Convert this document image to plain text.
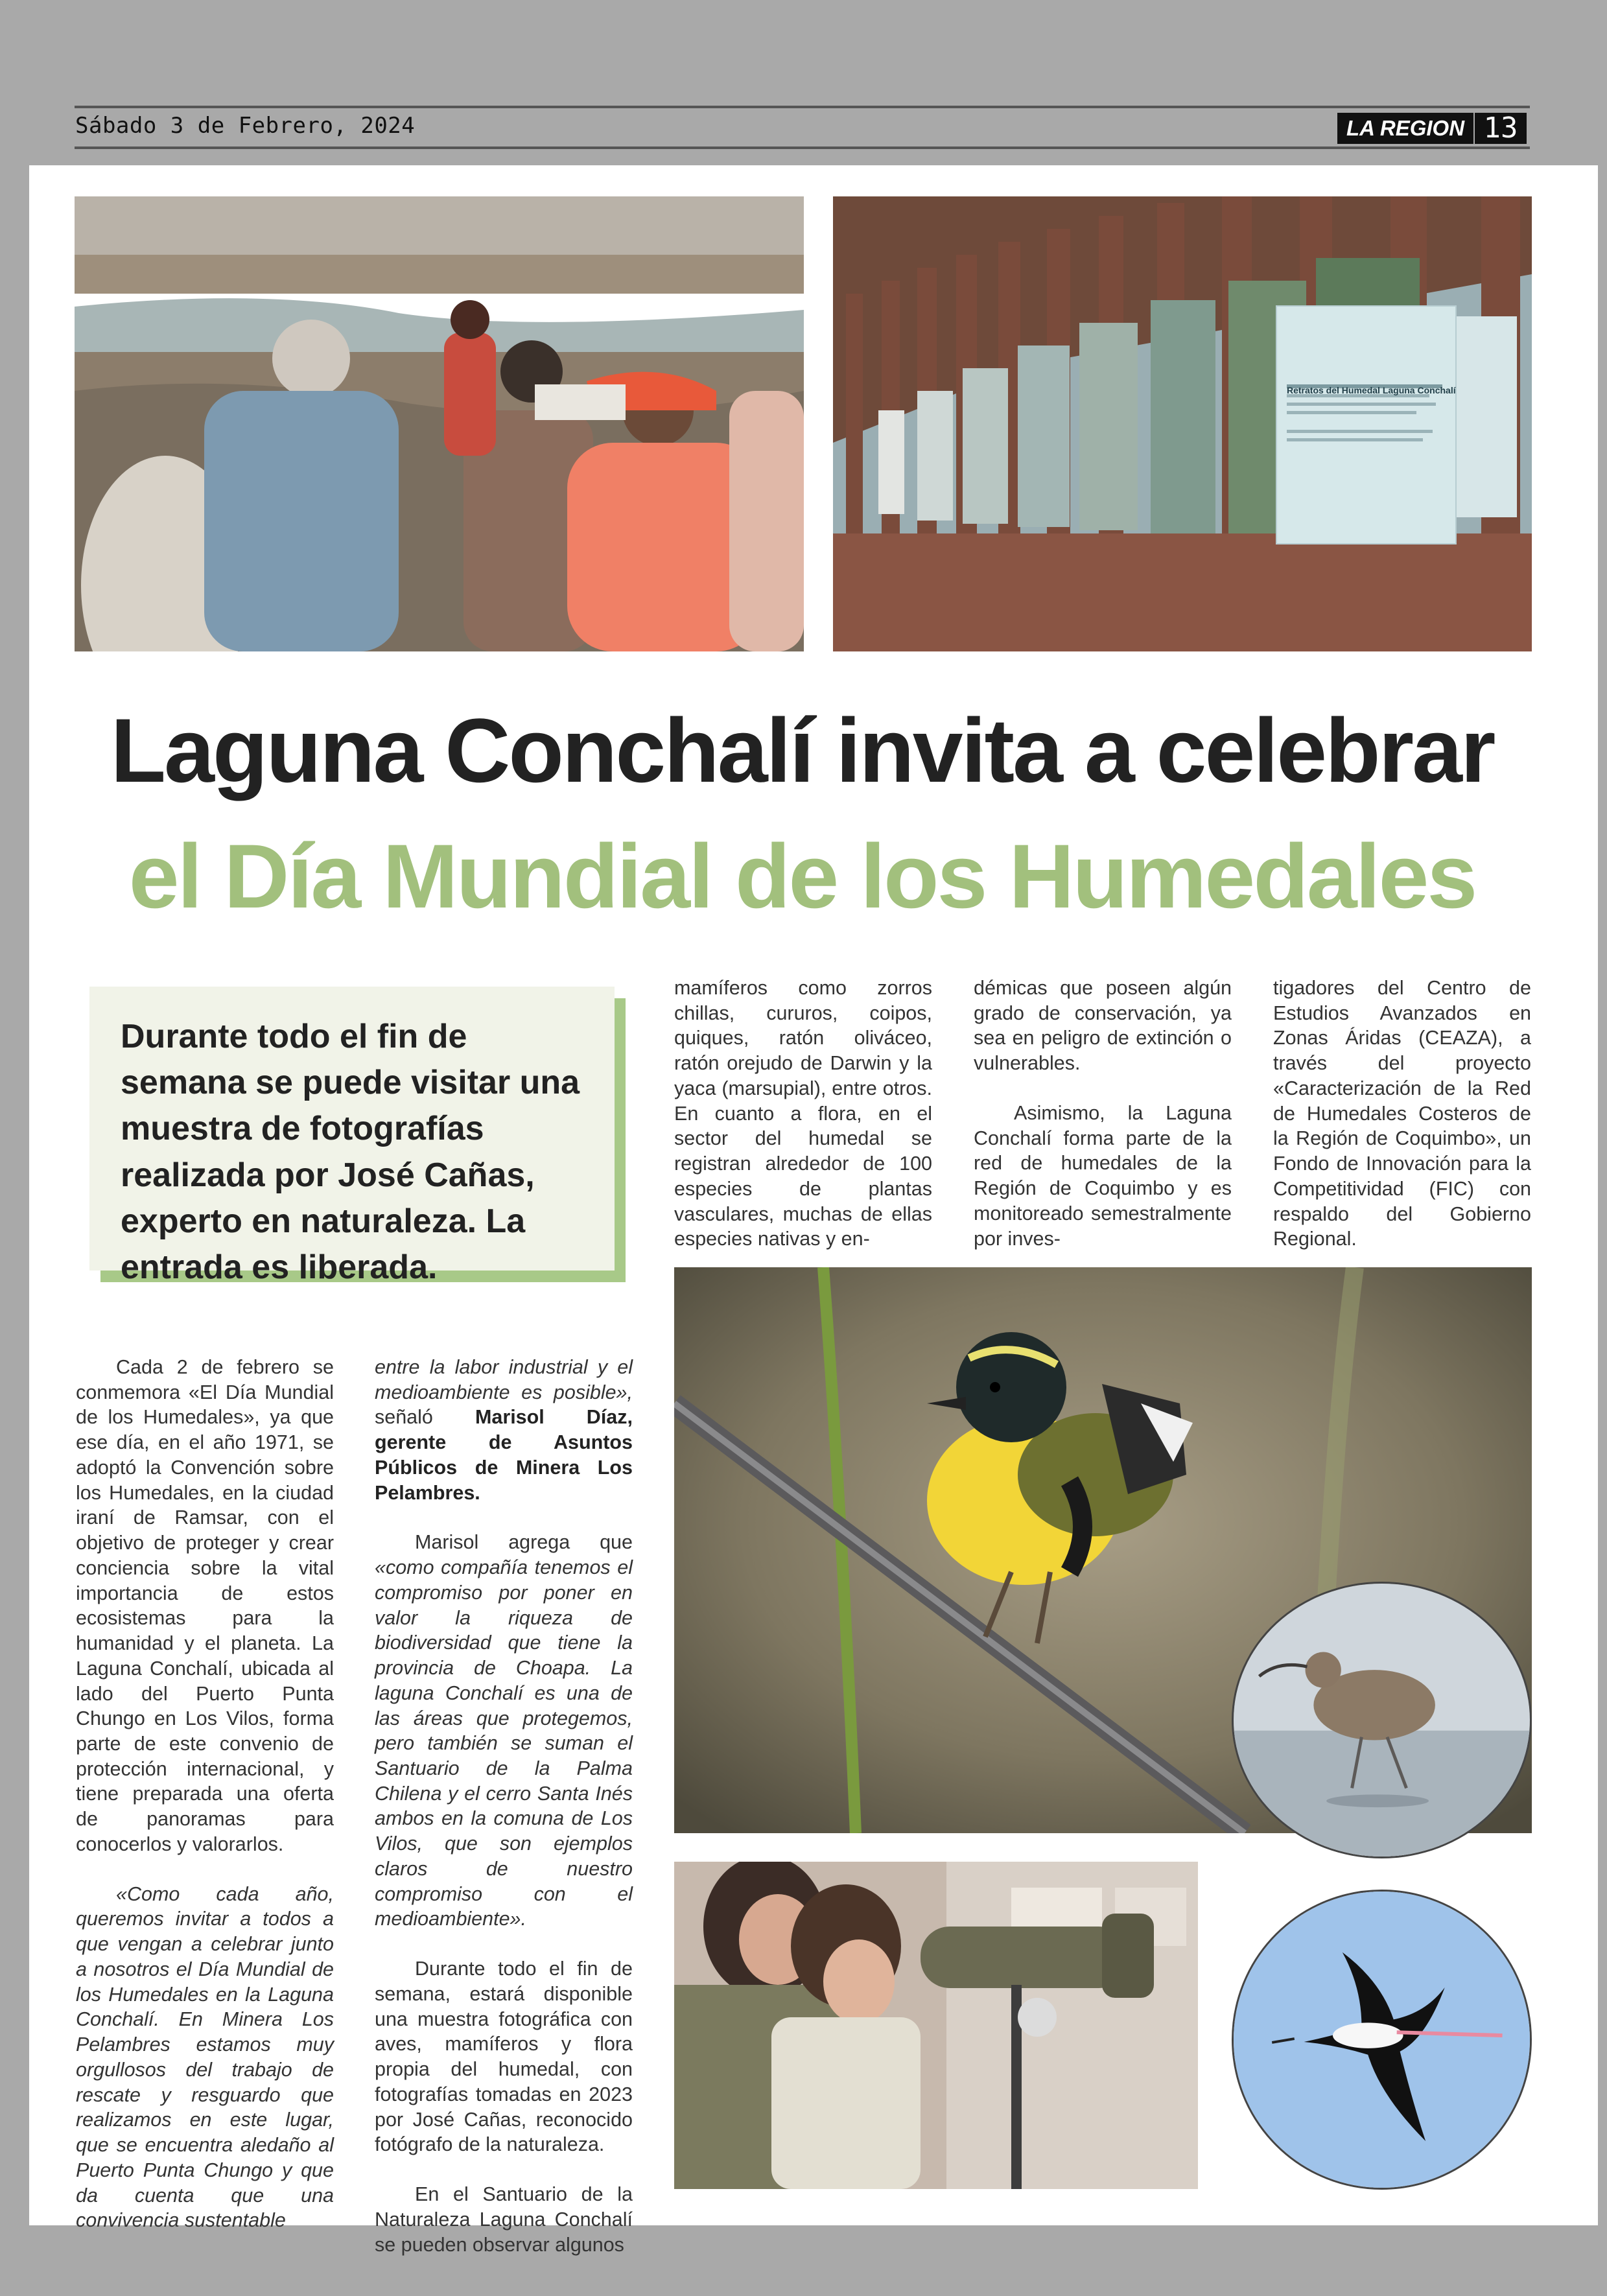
Sábado 3 de Febrero, 2024	LA REGION 13
Retratos del Humedal Laguna Conchalí
Laguna Conchalí invita a celebrar
el Día Mundial de los Humedales
Durante todo el fin de semana se puede visitar una muestra de fotografías realizada por José Cañas, experto en naturaleza. La entrada es liberada.

Cada 2 de febrero se conmemora «El Día Mundial de los Humedales», ya que ese día, en el año 1971, se adoptó la Convención sobre los Humedales, en la ciudad iraní de Ramsar, con el objetivo de proteger y crear conciencia sobre la vital importancia de estos ecosistemas para la humanidad y el planeta. La Laguna Conchalí, ubicada al lado del Puerto Punta Chungo en Los Vilos, forma parte de este convenio de protección internacional, y tiene preparada una oferta de panoramas para conocerlos y valorarlos.

«Como cada año, queremos invitar a todos a que vengan a celebrar junto a nosotros el Día Mundial de los Humedales en la Laguna Conchalí. En Minera Los Pelambres estamos muy orgullosos del trabajo de rescate y resguardo que realizamos en este lugar, que se encuentra aledaño al Puerto Punta Chungo y que da cuenta que una convivencia sustentable

entre la labor industrial y el medioambiente es posible», señaló Marisol Díaz, gerente de Asuntos Públicos de Minera Los Pelambres.

Marisol agrega que «como compañía tenemos el compromiso por poner en valor la riqueza de biodiversidad que tiene la provincia de Choapa. La laguna Conchalí es una de las áreas que protegemos, pero también se suman el Santuario de la Palma Chilena y el cerro Santa Inés ambos en la comuna de Los Vilos, que son ejemplos claros de nuestro compromiso con el medioambiente».

Durante todo el fin de semana, estará disponible una muestra fotográfica con aves, mamíferos y flora propia del humedal, con fotografías tomadas en 2023 por José Cañas, reconocido fotógrafo de la naturaleza.

En el Santuario de la Naturaleza Laguna Conchalí se pueden observar algunos

mamíferos como zorros chillas, cururos, coipos, quiques, ratón oliváceo, ratón orejudo de Darwin y la yaca (marsupial), entre otros. En cuanto a flora, en el sector del humedal se registran alrededor de 100 especies de plantas vasculares, muchas de ellas especies nativas y en-

démicas que poseen algún grado de conservación, ya sea en peligro de extinción o vulnerables.

Asimismo, la Laguna Conchalí forma parte de la red de humedales de la Región de Coquimbo y es monitoreado semestralmente por inves-

tigadores del Centro de Estudios Avanzados en Zonas Áridas (CEAZA), a través del proyecto «Caracterización de la Red de Humedales Costeros de la Región de Coquimbo», un Fondo de Innovación para la Competitividad (FIC) con respaldo del Gobierno Regional.
